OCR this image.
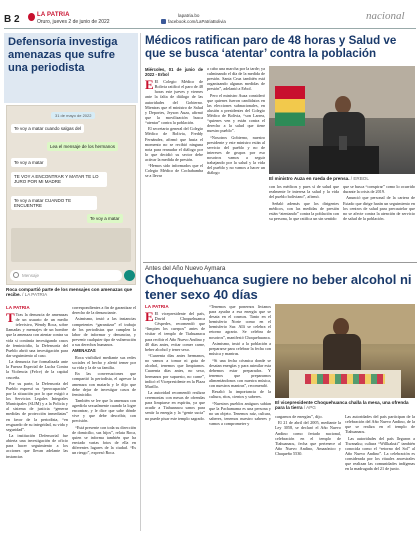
B 2	LA PATRIA
Oruro, jueves 2 de junio de 2022
lapatria.bo
facebook.com/LaPatriaBolivia	nacional
Defensoría investiga amenazas que sufre una periodista
31 de mayo de 2022
Te voy a matar cuando salgas del
Lea el mensaje de los hermanos
Te voy a matar
TE VOY A ENCONTRAR Y MATAR TE LO JURO POR MI MADRE
Te voy a matar CUANDO TE ENCUENTRE
Te voy a matar
Mensaje
Roca compartió parte de los mensajes con amenazas que recibe. / LA PATRIA
LA PATRIA

T Tras la denuncia de amenazas de un usuario de un medio televisivo, Wendy Roca, sobre llamadas y mensajes de un hombre que la amenaza con atentar contra su vida si continúa investigando casos de feminicidio, la Defensoría del Pueblo abrió una investigación para dar seguimiento al caso.

La denuncia fue formalizada ante la Fuerza Especial de Lucha Contra la Violencia (Felcv) de la capital cruceña.

Por su parte, la Defensoría del Pueblo expresó su “preocupación” por la situación por lo que exigió a los Servicios Legales Integrales Municipales (SLIM) y a la Policía y al sistema de justicia “generar medidas de protección inmediatas” en favor de la periodista, “en resguardo de su integridad, su vida y seguridad”.

La institución Defensorial fue abierta una investigación de oficio para hacer seguimiento a los acciones que llevan adelante las instancias

correspondientes a fin de garantizar el derecho de la denunciante.

Asimismo, instó a las instancias competentes “garantizar” el trabajo de los periodistas que cumplen la labor de informar y denunciar, y prevenir cualquier tipo de vulneración a sus derechos humanos.

AMENAZAS

Roca visibilizó mediante sus redes sociales el hecho y alertó temer por su vida y la de su familia.

En las conversaciones que compartió la periodista, el agresor la amenaza con matarla y le dijo que debe dejar de investigar casos de feminicidio.

También se lee que la amenaza con agredirla sexualmente cuando la logre encontrar, y le dice que sabe dónde vive y que debe describir, con precisión.

“Está presente con toda su dirección de domicilio, sus hijos”, relata Roca, quien se informa también que ha enviado varias fotos de ella en diferentes lugares de la ciudad. “Es un riesgo”, expresó Roca.

Médicos ratifican paro de 48 horas y Salud ve que se busca ‘atentar’ contra la población

Miércoles, 01 de junio de 2022 - Erbol

E El Colegio Médico de Bolivia ratificó el paro de 48 horas este jueves y viernes ante la falta de diálogo de las autoridades del Gobierno. Mientras que el ministro de Salud y Deportes, Jeyson Auza, afirmó que la movilización busca “atentar” contra la población.

El secretario general del Colegio Médico de Bolivia, Freddy Fernández, afirmó que hasta el momento no se recibió ninguna nota para reanudar el diálogo por lo que decidió su sector debe activar la medida de presión.

“Hemos sido informados que el Colegio Médico de Cochabamba se a llevar

a cabo una marcha por la tarde; ya culminando el día de la medida de presión. Santa Cruz también está organizando algunas medidas de presión”, adelantó a Erbol.

Pero el ministro Auza consideró que quienes fueron candidatos en las elecciones subnacionales, en alusión a presidentes del Colegio Médico de Bolivia, “son Larrea, “quienes ven y están contra el derecho a la salud que tiene nuestro pueblo”.

“Nosotros Gobierno, nuestro presidente y este ministro están al servicio del pueblo y no de intereses de grupos por eso nosotros vamos a seguir trabajando por la salud y la vida del pueblo y no vamos a hacer un diálogo

El ministro Auza en rueda de prensa. / ERBOL

con los médicos y pues sí de salud que realmente le interesa la salud y la vida del pueblo boliviano”, afirmó.

Señaló además que los dirigentes médicos, con las medidas de presión están “atentando” contra la población con su persona, lo que ratifica un sin sentido

que se busca “conspirar” como lo ocurrido durante la crisis de 2019.

Anunció que personal de la cartera de Estado que dirige harán un seguimiento en los centros de salud para precautelar que no se afecte contra la atención de servicio de salud de la población.

Antes del Año Nuevo Aymara
Choquehuanca sugiere no beber alcohol ni tener sexo 40 días
LA PATRIA

E El vicepresidente del país, David Choquehuanca Céspedes, recomendó que “limpien los cuerpos” antes de visitar el templo de Tiahuanacu para recibir el Año Nuevo Andino y 40 días antes, evitar comer carne, beber alcohol y tener sexo.

“Cuarenta días antes hermanos, no vamos a tomar ni gota de alcohol, tenemos que limpiarnos. Cuarenta días antes, no sexo, hermanos por supuesto, no carne”, indicó el Vicepresidente en la Plaza Murillo.

La autoridad recomendó realizar ceremonias con mesas de ofrendas para limpiarse en espíritu, ya que acudir a Tiahuanacu sanos para sentir la energía y la “gente sucia” no puede pisar este templo sagrado.

“Tenemos que ponernos livianos para ayudar a esa energía que se desata en el cosmos. Tanto en el hemisferio Norte como en el hemisferio Sur. Allí se celebra el retorno agrario. Se celebra de nosotros”, manifestó Choquehuanca.

Asimismo, instó a la población a prepararse para celebrar la fecha con música y mantras.

“Si una fecha cósmica donde se desatan energías y para asimilar esta debemos estar preparados. Y tenemos que prepararnos alimentándonos con nuestra música, con nuestros mantras”, recomendó.

Resaltó la importancia de la cultura, ritos, cientos y saberes.

“Nuestros pueblos antiguos sabían que la Pachamama es una persona y no un objeto. Tenemos raíz, cultura, saberes, tenemos nuestro saberes y vamos a comprometer y

El vicepresidente Choquehuanca challa la mesa, una ofrenda para la tierra / APG

cargarnos de energías”, dijo.

El 21 de abril del 2005, mediante la Ley 3058, se declaró el Año Nuevo Andino como feriado nacional, celebración en el templo de Tiahuanacu, fecha que pertenece al Año Nuevo Andino, Amazónico y Chaqueño 5530.

Las autoridades del país participan de la celebración del Año Nuevo Andino, de la que se realiza en el templo de Tiahuanacu.

Las autoridades del país llegaron a Tiwanaku; cultura “Willkakuti” también conocida como el “retorno del Sol” al Año Nuevo Andino”. La celebración es considerada por los rituales ancestrales que realizan las comunidades indígenas en la madrugada del 21 de junio.
